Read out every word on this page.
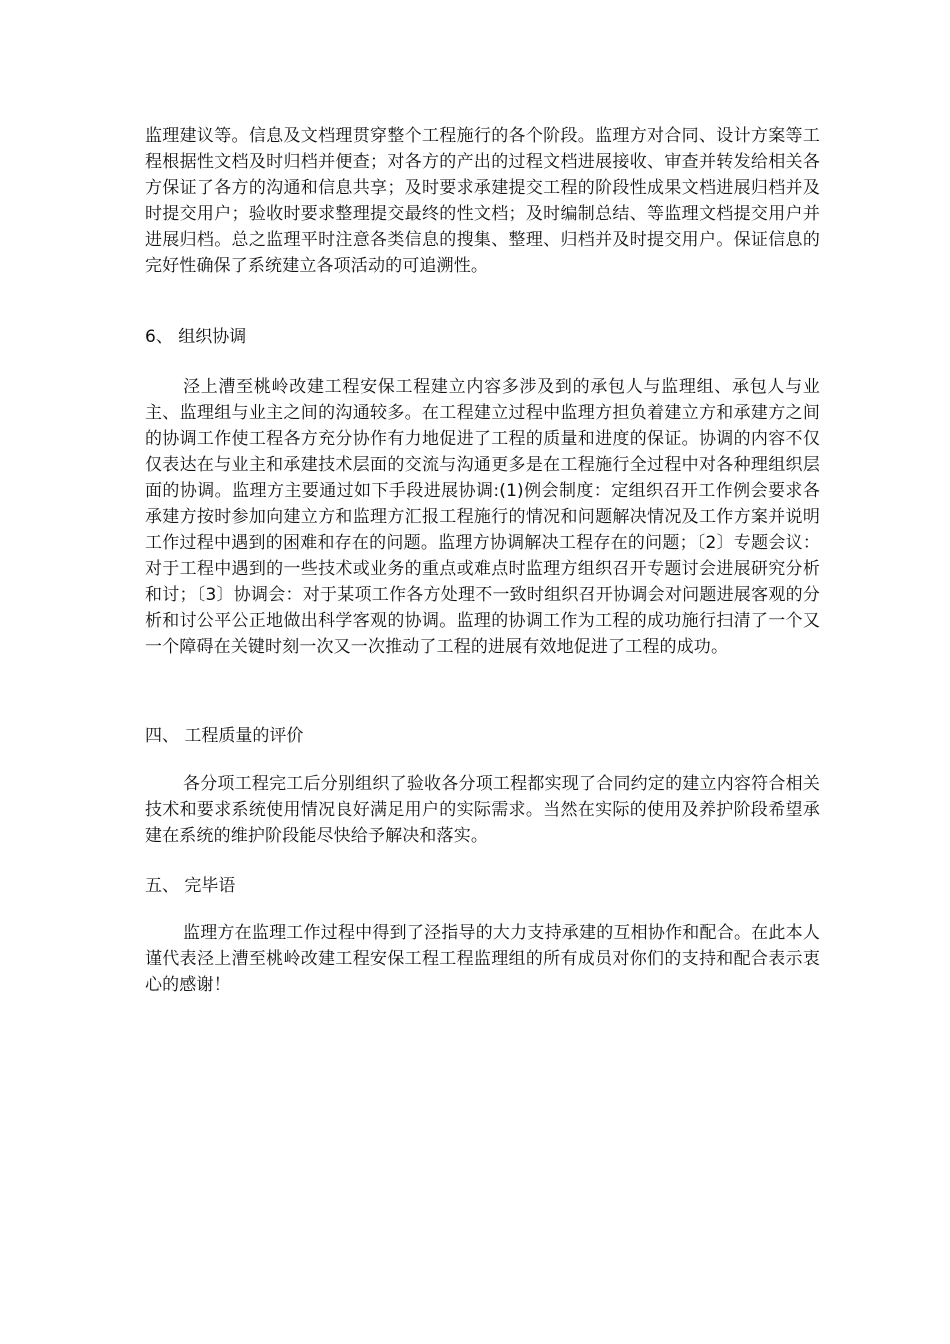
监理建议等。信息及文档理贯穿整个工程施行的各个阶段。监理方对合同、设计方案等工程根据性文档及时归档并便查；对各方的产出的过程文档进展接收、审查并转发给相关各方保证了各方的沟通和信息共享；及时要求承建提交工程的阶段性成果文档进展归档并及时提交用户；验收时要求整理提交最终的性文档；及时编制总结、等监理文档提交用户并进展归档。总之监理平时注意各类信息的搜集、整理、归档并及时提交用户。保证信息的完好性确保了系统建立各项活动的可追溯性。

6、 组织协调

泾上漕至桃岭改建工程安保工程建立内容多涉及到的承包人与监理组、承包人与业主、监理组与业主之间的沟通较多。在工程建立过程中监理方担负着建立方和承建方之间的协调工作使工程各方充分协作有力地促进了工程的质量和进度的保证。协调的内容不仅仅表达在与业主和承建技术层面的交流与沟通更多是在工程施行全过程中对各种理组织层面的协调。监理方主要通过如下手段进展协调:(1)例会制度：定组织召开工作例会要求各承建方按时参加向建立方和监理方汇报工程施行的情况和问题解决情况及工作方案并说明工作过程中遇到的困难和存在的问题。监理方协调解决工程存在的问题；〔2〕专题会议：对于工程中遇到的一些技术或业务的重点或难点时监理方组织召开专题讨会进展研究分析和讨；〔3〕协调会：对于某项工作各方处理不一致时组织召开协调会对问题进展客观的分析和讨公平公正地做出科学客观的协调。监理的协调工作为工程的成功施行扫清了一个又一个障碍在关键时刻一次又一次推动了工程的进展有效地促进了工程的成功。

四、 工程质量的评价

各分项工程完工后分别组织了验收各分项工程都实现了合同约定的建立内容符合相关技术和要求系统使用情况良好满足用户的实际需求。当然在实际的使用及养护阶段希望承建在系统的维护阶段能尽快给予解决和落实。

五、 完毕语

监理方在监理工作过程中得到了泾指导的大力支持承建的互相协作和配合。在此本人谨代表泾上漕至桃岭改建工程安保工程工程监理组的所有成员对你们的支持和配合表示衷心的感谢！
